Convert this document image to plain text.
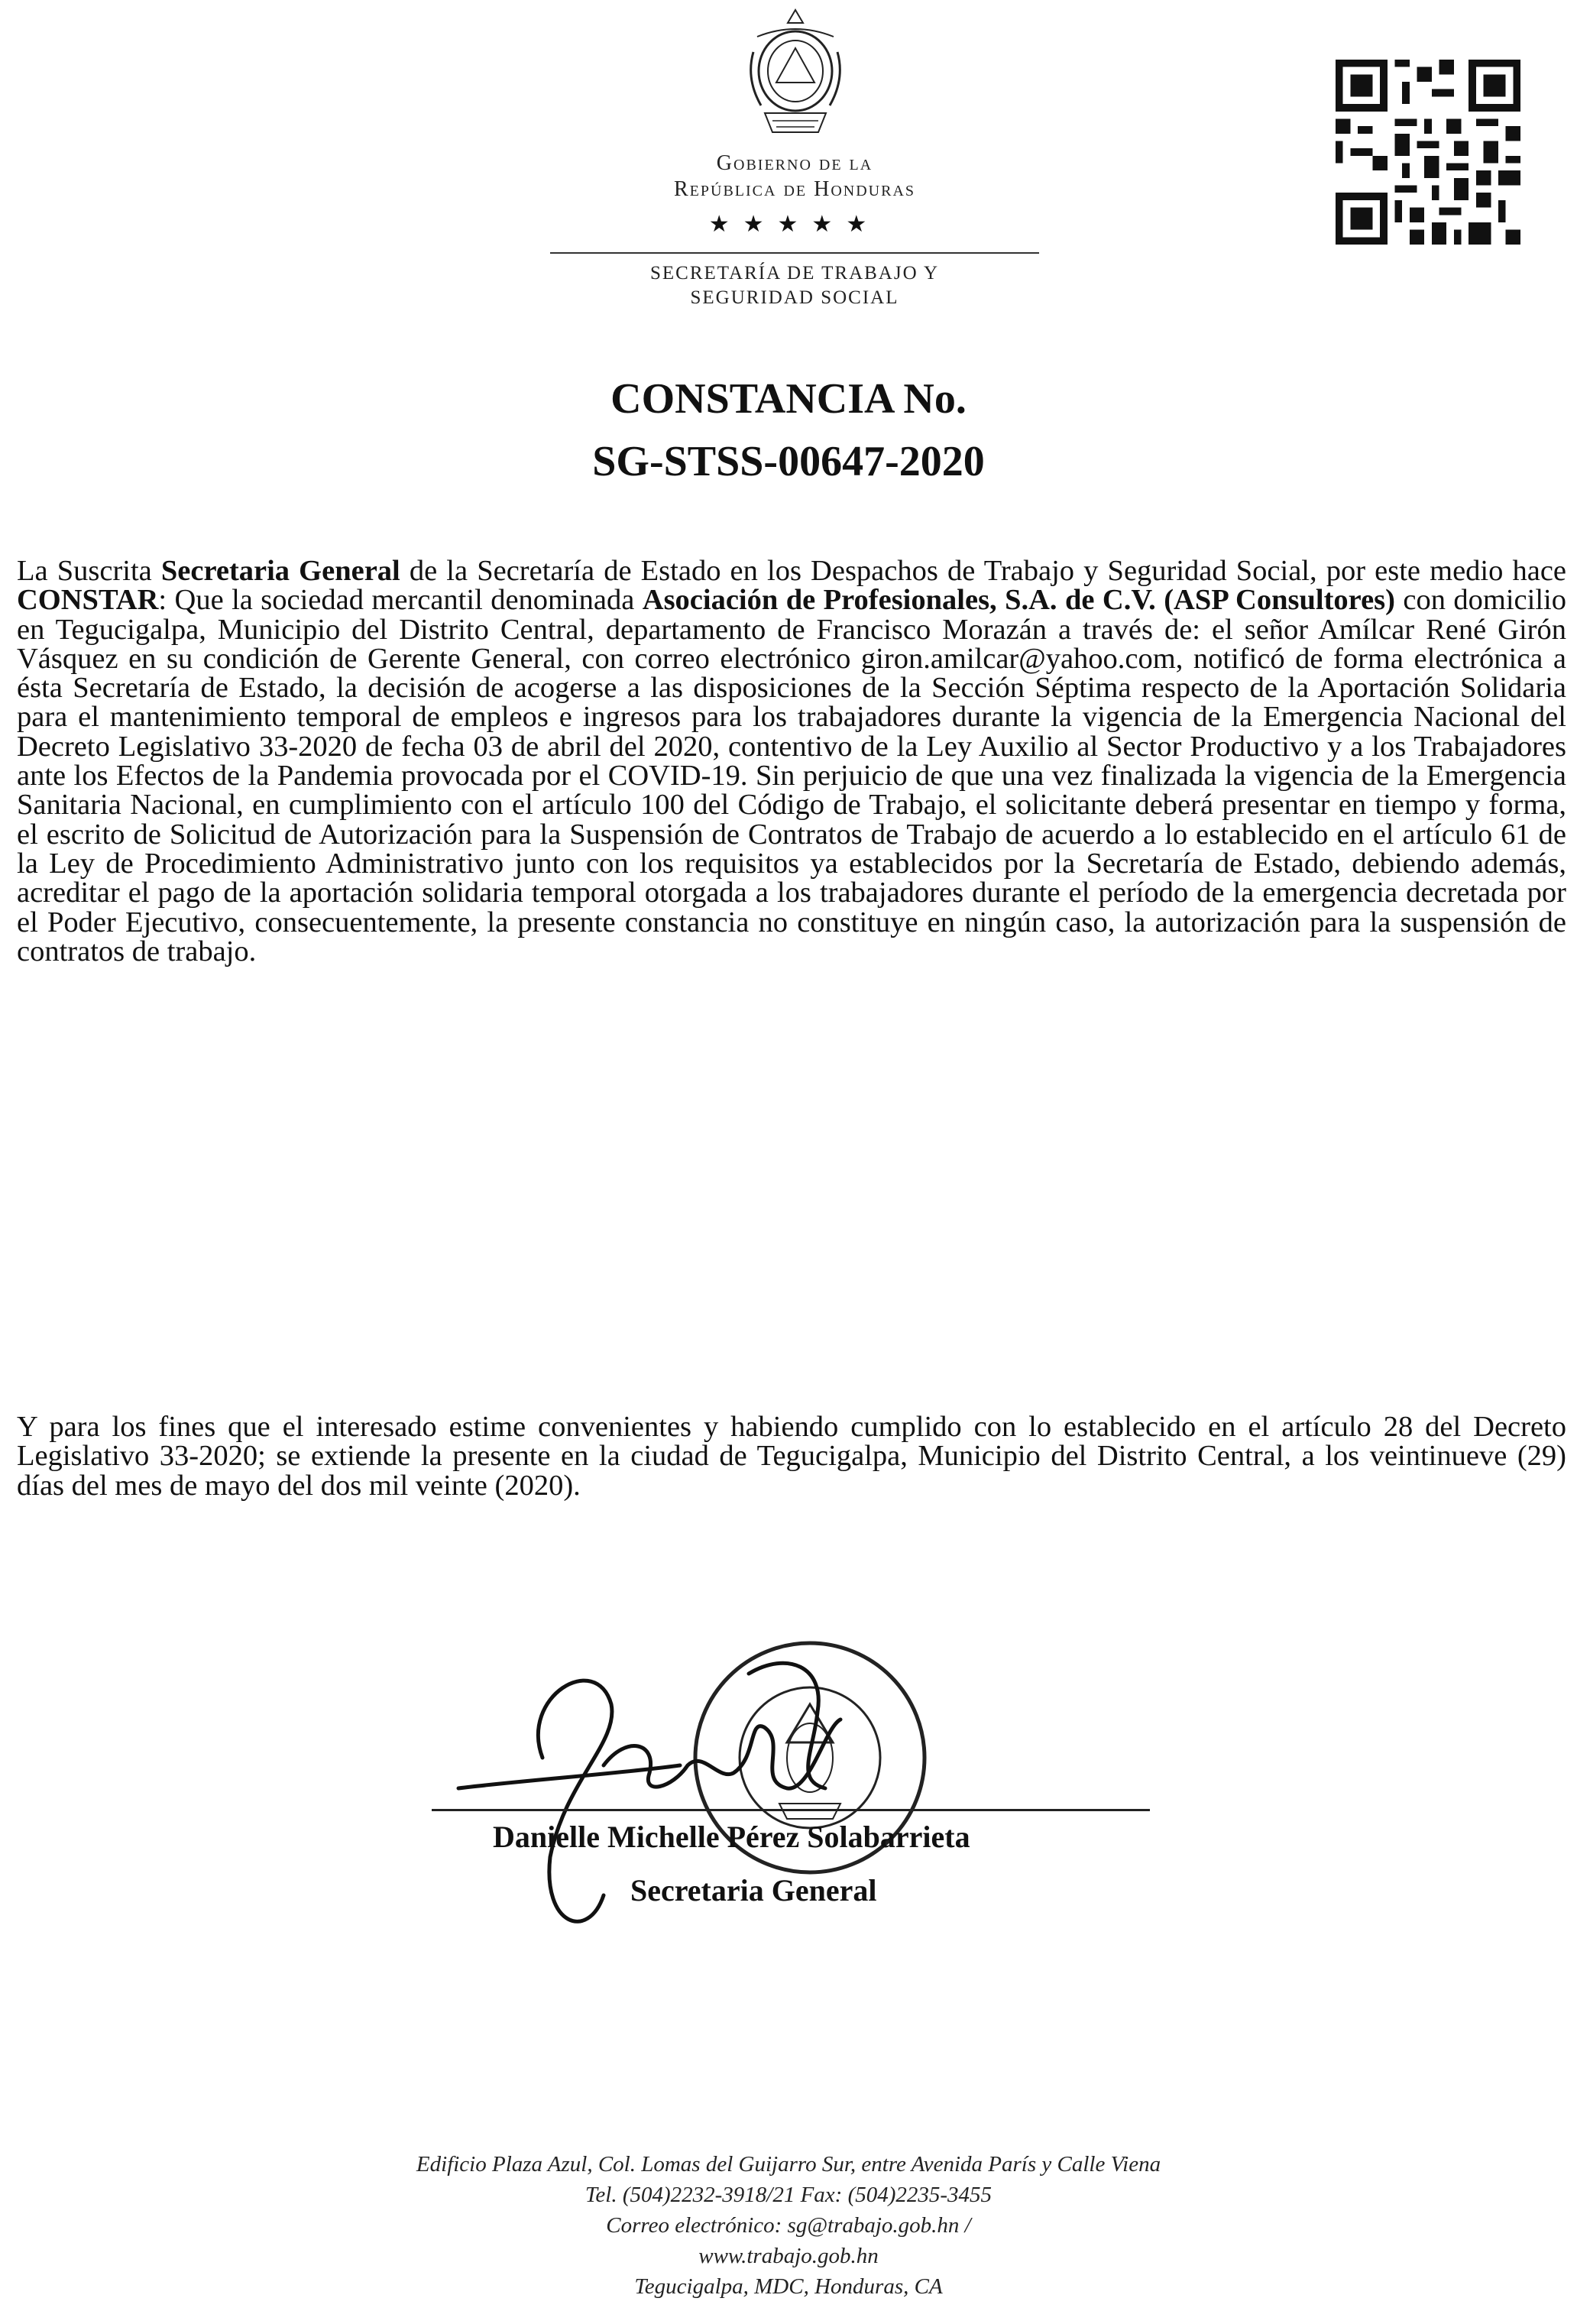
Gobierno de la
República de Honduras
★★★★★
SECRETARÍA DE TRABAJO Y
SEGURIDAD SOCIAL
CONSTANCIA No.
SG-STSS-00647-2020
La Suscrita Secretaria General de la Secretaría de Estado en los Despachos de Trabajo y Seguridad Social, por este medio hace CONSTAR: Que la sociedad mercantil denominada Asociación de Profesionales, S.A. de C.V. (ASP Consultores) con domicilio en Tegucigalpa, Municipio del Distrito Central, departamento de Francisco Morazán a través de: el señor Amílcar René Girón Vásquez en su condición de Gerente General, con correo electrónico giron.amilcar@yahoo.com, notificó de forma electrónica a ésta Secretaría de Estado, la decisión de acogerse a las disposiciones de la Sección Séptima respecto de la Aportación Solidaria para el mantenimiento temporal de empleos e ingresos para los trabajadores durante la vigencia de la Emergencia Nacional del Decreto Legislativo 33-2020 de fecha 03 de abril del 2020, contentivo de la Ley Auxilio al Sector Productivo y a los Trabajadores ante los Efectos de la Pandemia provocada por el COVID-19. Sin perjuicio de que una vez finalizada la vigencia de la Emergencia Sanitaria Nacional, en cumplimiento con el artículo 100 del Código de Trabajo, el solicitante deberá presentar en tiempo y forma, el escrito de Solicitud de Autorización para la Suspensión de Contratos de Trabajo de acuerdo a lo establecido en el artículo 61 de la Ley de Procedimiento Administrativo junto con los requisitos ya establecidos por la Secretaría de Estado, debiendo además, acreditar el pago de la aportación solidaria temporal otorgada a los trabajadores durante el período de la emergencia decretada por el Poder Ejecutivo, consecuentemente, la presente constancia no constituye en ningún caso, la autorización para la suspensión de contratos de trabajo.
Y para los fines que el interesado estime convenientes y habiendo cumplido con lo establecido en el artículo 28 del Decreto Legislativo 33-2020; se extiende la presente en la ciudad de Tegucigalpa, Municipio del Distrito Central, a los veintinueve (29) días del mes de mayo del dos mil veinte (2020).
Danielle Michelle Pérez Solabarrieta
Secretaria General
Edificio Plaza Azul, Col. Lomas del Guijarro Sur, entre Avenida París y Calle Viena
Tel. (504)2232-3918/21 Fax: (504)2235-3455
Correo electrónico: sg@trabajo.gob.hn /
www.trabajo.gob.hn
Tegucigalpa, MDC, Honduras, CA
